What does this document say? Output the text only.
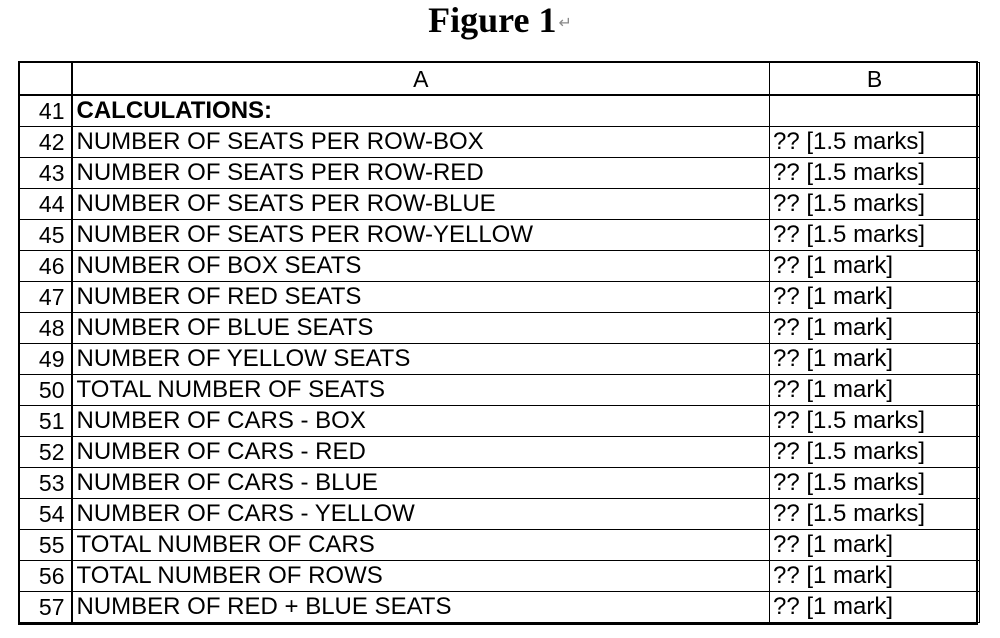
Figure 1 ↵
	A	B
41	CALCULATIONS:	
42	NUMBER OF SEATS PER ROW-BOX	?? [1.5 marks]
43	NUMBER OF SEATS PER ROW-RED	?? [1.5 marks]
44	NUMBER OF SEATS PER ROW-BLUE	?? [1.5 marks]
45	NUMBER OF SEATS PER ROW-YELLOW	?? [1.5 marks]
46	NUMBER OF BOX SEATS	?? [1 mark]
47	NUMBER OF RED SEATS	?? [1 mark]
48	NUMBER OF BLUE SEATS	?? [1 mark]
49	NUMBER OF YELLOW SEATS	?? [1 mark]
50	TOTAL NUMBER OF SEATS	?? [1 mark]
51	NUMBER OF CARS - BOX	?? [1.5 marks]
52	NUMBER OF CARS - RED	?? [1.5 marks]
53	NUMBER OF CARS - BLUE	?? [1.5 marks]
54	NUMBER OF CARS - YELLOW	?? [1.5 marks]
55	TOTAL NUMBER OF CARS	?? [1 mark]
56	TOTAL NUMBER OF ROWS	?? [1 mark]
57	NUMBER OF RED + BLUE SEATS	?? [1 mark]
